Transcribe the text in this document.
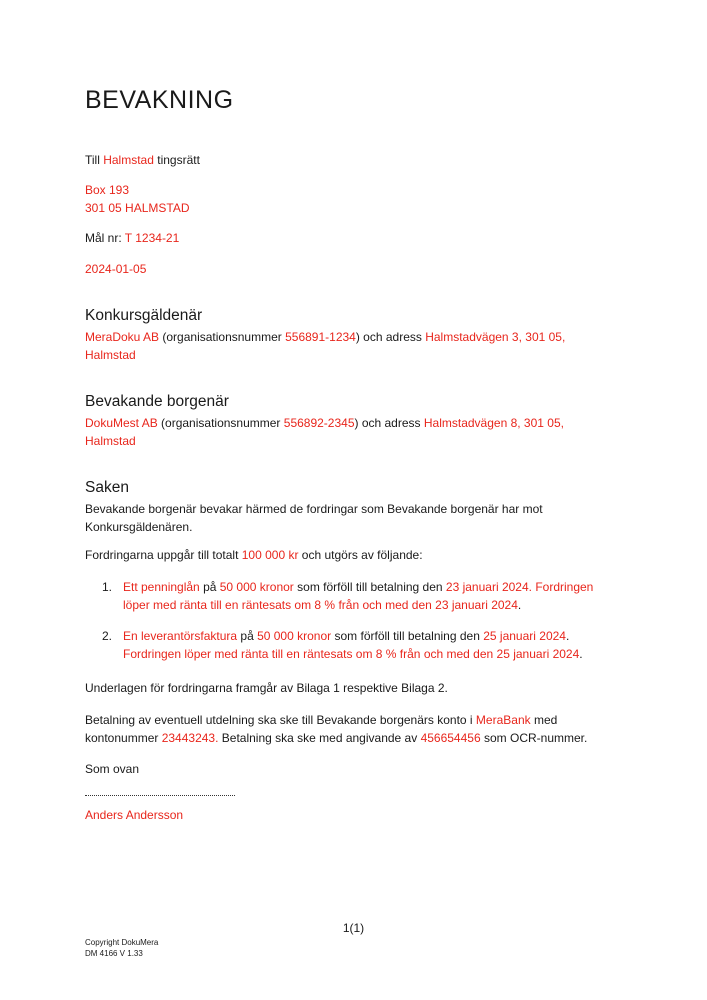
BEVAKNING

Till Halmstad tingsrätt

Box 193
301 05 HALMSTAD

Mål nr: T 1234-21

2024-01-05

Konkursgäldenär

MeraDoku AB (organisationsnummer 556891-1234) och adress Halmstadvägen 3, 301 05,
Halmstad

Bevakande borgenär

DokuMest AB (organisationsnummer 556892-2345) och adress Halmstadvägen 8, 301 05,
Halmstad

Saken

Bevakande borgenär bevakar härmed de fordringar som Bevakande borgenär har mot
Konkursgäldenären.

Fordringarna uppgår till totalt 100 000 kr och utgörs av följande:

1. Ett penninglån på 50 000 kronor som förföll till betalning den 23 januari 2024. Fordringen
löper med ränta till en räntesats om 8 % från och med den 23 januari 2024.
2. En leverantörsfaktura på 50 000 kronor som förföll till betalning den 25 januari 2024.
Fordringen löper med ränta till en räntesats om 8 % från och med den 25 januari 2024.

Underlagen för fordringarna framgår av Bilaga 1 respektive Bilaga 2.

Betalning av eventuell utdelning ska ske till Bevakande borgenärs konto i MeraBank med
kontonummer 23443243. Betalning ska ske med angivande av 456654456 som OCR-nummer.

Som ovan

Anders Andersson

1(1)
Copyright DokuMera
DM 4166 V 1.33
